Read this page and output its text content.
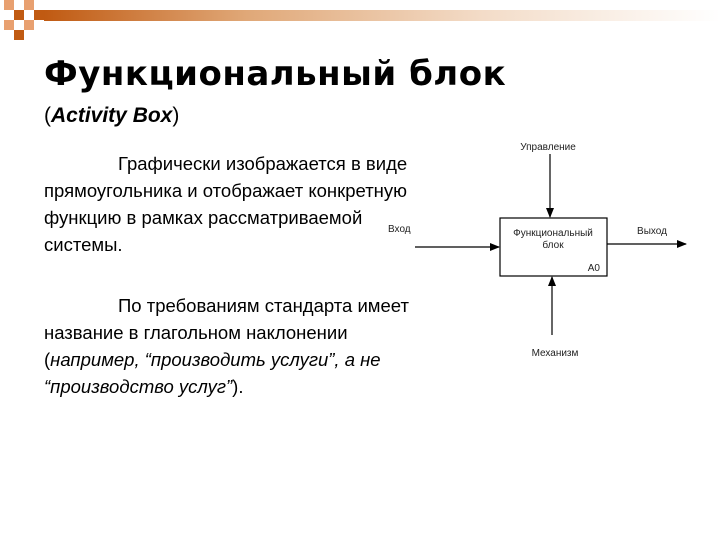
Функциональный блок
(Activity Box)

Графически изображается в виде прямоугольника и отображает конкретную функцию в рамках рассматриваемой системы.

По требованиям стандарта имеет название в глагольном наклонении (например, “производить услуги”, а не “производство услуг”).

Функциональный
блок
A0
Управление
Вход	Выход
Механизм
